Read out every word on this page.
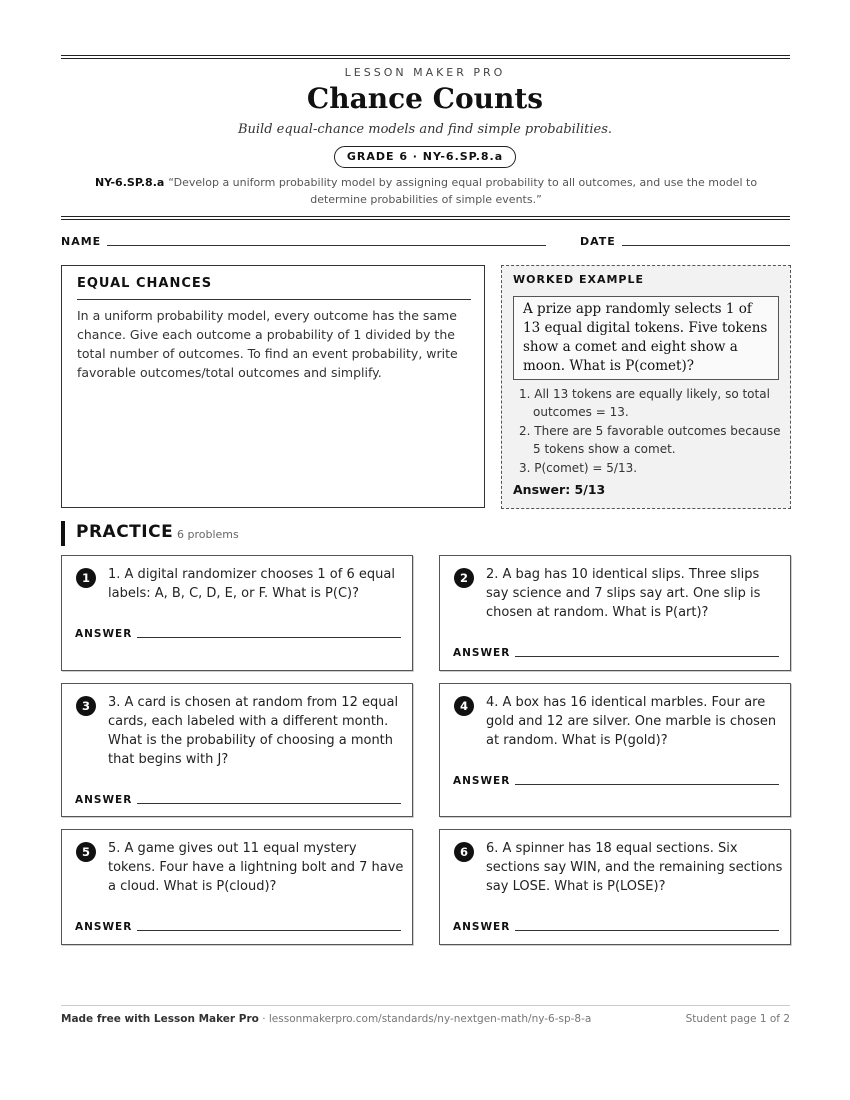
LESSON MAKER PRO
Chance Counts
Build equal-chance models and find simple probabilities.
GRADE 6 · NY-6.SP.8.a
NY-6.SP.8.a “Develop a uniform probability model by assigning equal probability to all outcomes, and use the model to determine probabilities of simple events.”
NAME	DATE
EQUAL CHANCES
In a uniform probability model, every outcome has the same chance. Give each outcome a probability of 1 divided by the total number of outcomes. To find an event probability, write favorable outcomes/total outcomes and simplify.
WORKED EXAMPLE
A prize app randomly selects 1 of 13 equal digital tokens. Five tokens show a comet and eight show a moon. What is P(comet)?
1. All 13 tokens are equally likely, so total outcomes = 13.
2. There are 5 favorable outcomes because 5 tokens show a comet.
3. P(comet) = 5/13.
Answer: 5/13
PRACTICE 6 problems
1	1. A digital randomizer chooses 1 of 6 equal labels: A, B, C, D, E, or F. What is P(C)?
ANSWER
2	2. A bag has 10 identical slips. Three slips say science and 7 slips say art. One slip is chosen at random. What is P(art)?
ANSWER
3	3. A card is chosen at random from 12 equal cards, each labeled with a different month. What is the probability of choosing a month that begins with J?
ANSWER
4	4. A box has 16 identical marbles. Four are gold and 12 are silver. One marble is chosen at random. What is P(gold)?
ANSWER
5	5. A game gives out 11 equal mystery tokens. Four have a lightning bolt and 7 have a cloud. What is P(cloud)?
ANSWER
6	6. A spinner has 18 equal sections. Six sections say WIN, and the remaining sections say LOSE. What is P(LOSE)?
ANSWER
Made free with Lesson Maker Pro · lessonmakerpro.com/standards/ny-nextgen-math/ny-6-sp-8-a	Student page 1 of 2
